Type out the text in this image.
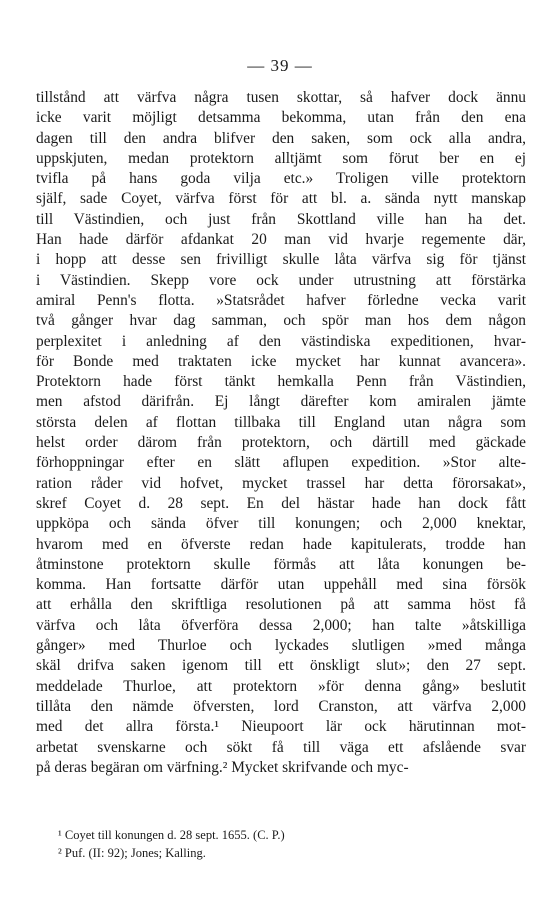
— 39 —
tillstånd att värfva några tusen skottar, så hafver dock ännu
icke varit möjligt detsamma bekomma, utan från den ena
dagen till den andra blifver den saken, som ock alla andra,
uppskjuten, medan protektorn alltjämt som förut ber en ej
tvifla på hans goda vilja etc.» Troligen ville protektorn
själf, sade Coyet, värfva först för att bl. a. sända nytt manskap
till Västindien, och just från Skottland ville han ha det.
Han hade därför afdankat 20 man vid hvarje regemente där,
i hopp att desse sen frivilligt skulle låta värfva sig för tjänst
i Västindien. Skepp vore ock under utrustning att förstärka
amiral Penn's flotta. »Statsrådet hafver förledne vecka varit
två gånger hvar dag samman, och spör man hos dem någon
perplexitet i anledning af den västindiska expeditionen, hvar-
för Bonde med traktaten icke mycket har kunnat avancera».
Protektorn hade först tänkt hemkalla Penn från Västindien,
men afstod därifrån. Ej långt därefter kom amiralen jämte
största delen af flottan tillbaka till England utan några som
helst order därom från protektorn, och därtill med gäckade
förhoppningar efter en slätt aflupen expedition. »Stor alte-
ration råder vid hofvet, mycket trassel har detta förorsakat»,
skref Coyet d. 28 sept. En del hästar hade han dock fått
uppköpa och sända öfver till konungen; och 2,000 knektar,
hvarom med en öfverste redan hade kapitulerats, trodde han
åtminstone protektorn skulle förmås att låta konungen be-
komma. Han fortsatte därför utan uppehåll med sina försök
att erhålla den skriftliga resolutionen på att samma höst få
värfva och låta öfverföra dessa 2,000; han talte »åtskilliga
gånger» med Thurloe och lyckades slutligen »med många
skäl drifva saken igenom till ett önskligt slut»; den 27 sept.
meddelade Thurloe, att protektorn »för denna gång» beslutit
tillåta den nämde öfversten, lord Cranston, att värfva 2,000
med det allra första.¹ Nieupoort lär ock härutinnan mot-
arbetat svenskarne och sökt få till väga ett afslående svar
på deras begäran om värfning.² Mycket skrifvande och myc-
¹ Coyet till konungen d. 28 sept. 1655. (C. P.)
² Puf. (II: 92); Jones; Kalling.
